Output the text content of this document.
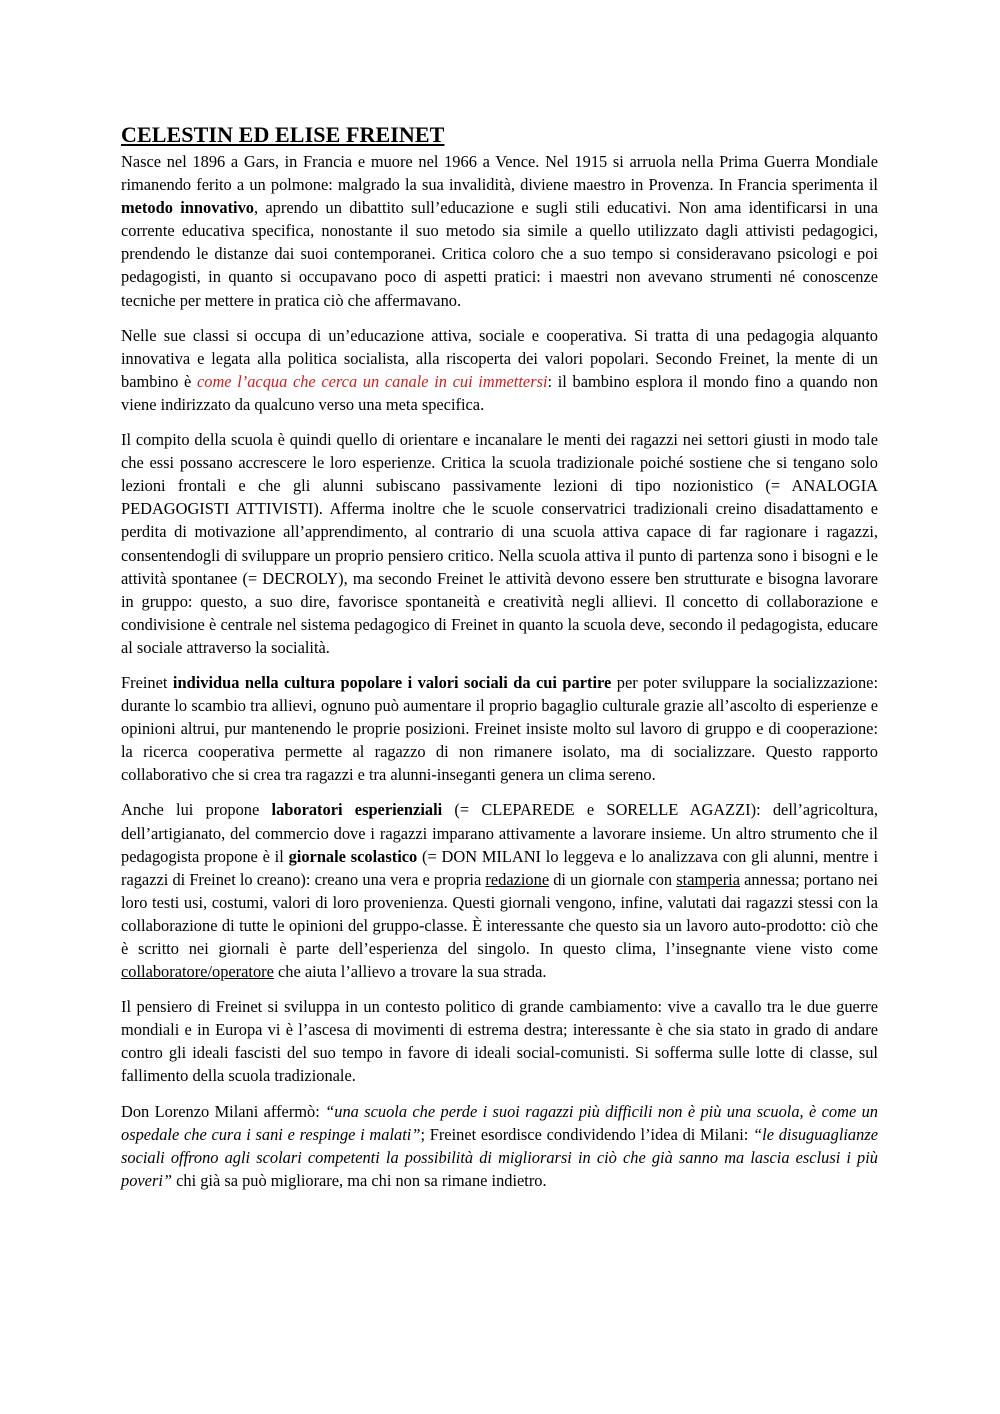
CELESTIN ED ELISE FREINET

Nasce nel 1896 a Gars, in Francia e muore nel 1966 a Vence. Nel 1915 si arruola nella Prima Guerra Mondiale rimanendo ferito a un polmone: malgrado la sua invalidità, diviene maestro in Provenza. In Francia sperimenta il metodo innovativo, aprendo un dibattito sull’educazione e sugli stili educativi. Non ama identificarsi in una corrente educativa specifica, nonostante il suo metodo sia simile a quello utilizzato dagli attivisti pedagogici, prendendo le distanze dai suoi contemporanei. Critica coloro che a suo tempo si consideravano psicologi e poi pedagogisti, in quanto si occupavano poco di aspetti pratici: i maestri non avevano strumenti né conoscenze tecniche per mettere in pratica ciò che affermavano.

Nelle sue classi si occupa di un’educazione attiva, sociale e cooperativa. Si tratta di una pedagogia alquanto innovativa e legata alla politica socialista, alla riscoperta dei valori popolari. Secondo Freinet, la mente di un bambino è come l’acqua che cerca un canale in cui immettersi: il bambino esplora il mondo fino a quando non viene indirizzato da qualcuno verso una meta specifica.

Il compito della scuola è quindi quello di orientare e incanalare le menti dei ragazzi nei settori giusti in modo tale che essi possano accrescere le loro esperienze. Critica la scuola tradizionale poiché sostiene che si tengano solo lezioni frontali e che gli alunni subiscano passivamente lezioni di tipo nozionistico (= ANALOGIA PEDAGOGISTI ATTIVISTI). Afferma inoltre che le scuole conservatrici tradizionali creino disadattamento e perdita di motivazione all’apprendimento, al contrario di una scuola attiva capace di far ragionare i ragazzi, consentendogli di sviluppare un proprio pensiero critico. Nella scuola attiva il punto di partenza sono i bisogni e le attività spontanee (= DECROLY), ma secondo Freinet le attività devono essere ben strutturate e bisogna lavorare in gruppo: questo, a suo dire, favorisce spontaneità e creatività negli allievi. Il concetto di collaborazione e condivisione è centrale nel sistema pedagogico di Freinet in quanto la scuola deve, secondo il pedagogista, educare al sociale attraverso la socialità.

Freinet individua nella cultura popolare i valori sociali da cui partire per poter sviluppare la socializzazione: durante lo scambio tra allievi, ognuno può aumentare il proprio bagaglio culturale grazie all’ascolto di esperienze e opinioni altrui, pur mantenendo le proprie posizioni. Freinet insiste molto sul lavoro di gruppo e di cooperazione: la ricerca cooperativa permette al ragazzo di non rimanere isolato, ma di socializzare. Questo rapporto collaborativo che si crea tra ragazzi e tra alunni-inseganti genera un clima sereno.

Anche lui propone laboratori esperienziali (= CLEPAREDE e SORELLE AGAZZI): dell’agricoltura, dell’artigianato, del commercio dove i ragazzi imparano attivamente a lavorare insieme. Un altro strumento che il pedagogista propone è il giornale scolastico (= DON MILANI lo leggeva e lo analizzava con gli alunni, mentre i ragazzi di Freinet lo creano): creano una vera e propria redazione di un giornale con stamperia annessa; portano nei loro testi usi, costumi, valori di loro provenienza. Questi giornali vengono, infine, valutati dai ragazzi stessi con la collaborazione di tutte le opinioni del gruppo-classe. È interessante che questo sia un lavoro auto-prodotto: ciò che è scritto nei giornali è parte dell’esperienza del singolo. In questo clima, l’insegnante viene visto come collaboratore/operatore che aiuta l’allievo a trovare la sua strada.

Il pensiero di Freinet si sviluppa in un contesto politico di grande cambiamento: vive a cavallo tra le due guerre mondiali e in Europa vi è l’ascesa di movimenti di estrema destra; interessante è che sia stato in grado di andare contro gli ideali fascisti del suo tempo in favore di ideali social-comunisti. Si sofferma sulle lotte di classe, sul fallimento della scuola tradizionale.

Don Lorenzo Milani affermò: “una scuola che perde i suoi ragazzi più difficili non è più una scuola, è come un ospedale che cura i sani e respinge i malati”; Freinet esordisce condividendo l’idea di Milani: “le disuguaglianze sociali offrono agli scolari competenti la possibilità di migliorarsi in ciò che già sanno ma lascia esclusi i più poveri” chi già sa può migliorare, ma chi non sa rimane indietro.
